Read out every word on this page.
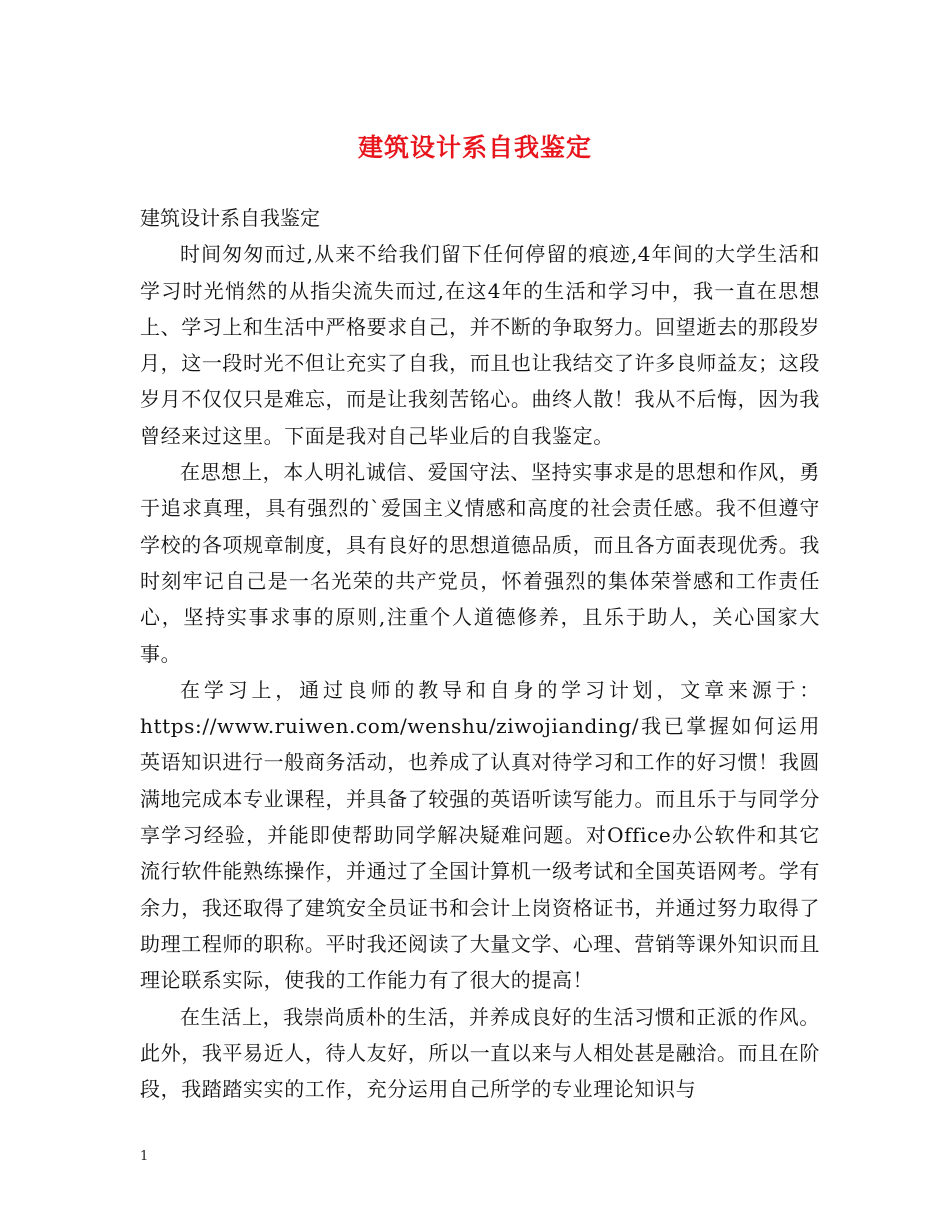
建筑设计系自我鉴定

建筑设计系自我鉴定

时间匆匆而过,从来不给我们留下任何停留的痕迹,4年间的大学生活和学习时光悄然的从指尖流失而过,在这4年的生活和学习中，我一直在思想上、学习上和生活中严格要求自己，并不断的争取努力。回望逝去的那段岁月，这一段时光不但让充实了自我，而且也让我结交了许多良师益友；这段岁月不仅仅只是难忘，而是让我刻苦铭心。曲终人散！我从不后悔，因为我曾经来过这里。下面是我对自己毕业后的自我鉴定。

在思想上，本人明礼诚信、爱国守法、坚持实事求是的思想和作风，勇于追求真理，具有强烈的`爱国主义情感和高度的社会责任感。我不但遵守学校的各项规章制度，具有良好的思想道德品质，而且各方面表现优秀。我时刻牢记自己是一名光荣的共产党员，怀着强烈的集体荣誉感和工作责任心，坚持实事求事的原则,注重个人道德修养，且乐于助人，关心国家大事。

在学习上，通过良师的教导和自身的学习计划，文章来源于：https://www.ruiwen.com/wenshu/ziwojianding/我已掌握如何运用英语知识进行一般商务活动，也养成了认真对待学习和工作的好习惯！我圆满地完成本专业课程，并具备了较强的英语听读写能力。而且乐于与同学分享学习经验，并能即使帮助同学解决疑难问题。对Office办公软件和其它流行软件能熟练操作，并通过了全国计算机一级考试和全国英语网考。学有余力，我还取得了建筑安全员证书和会计上岗资格证书，并通过努力取得了助理工程师的职称。平时我还阅读了大量文学、心理、营销等课外知识而且理论联系实际，使我的工作能力有了很大的提高！

在生活上，我崇尚质朴的生活，并养成良好的生活习惯和正派的作风。此外，我平易近人，待人友好，所以一直以来与人相处甚是融洽。而且在阶段，我踏踏实实的工作，充分运用自己所学的专业理论知识与

1
